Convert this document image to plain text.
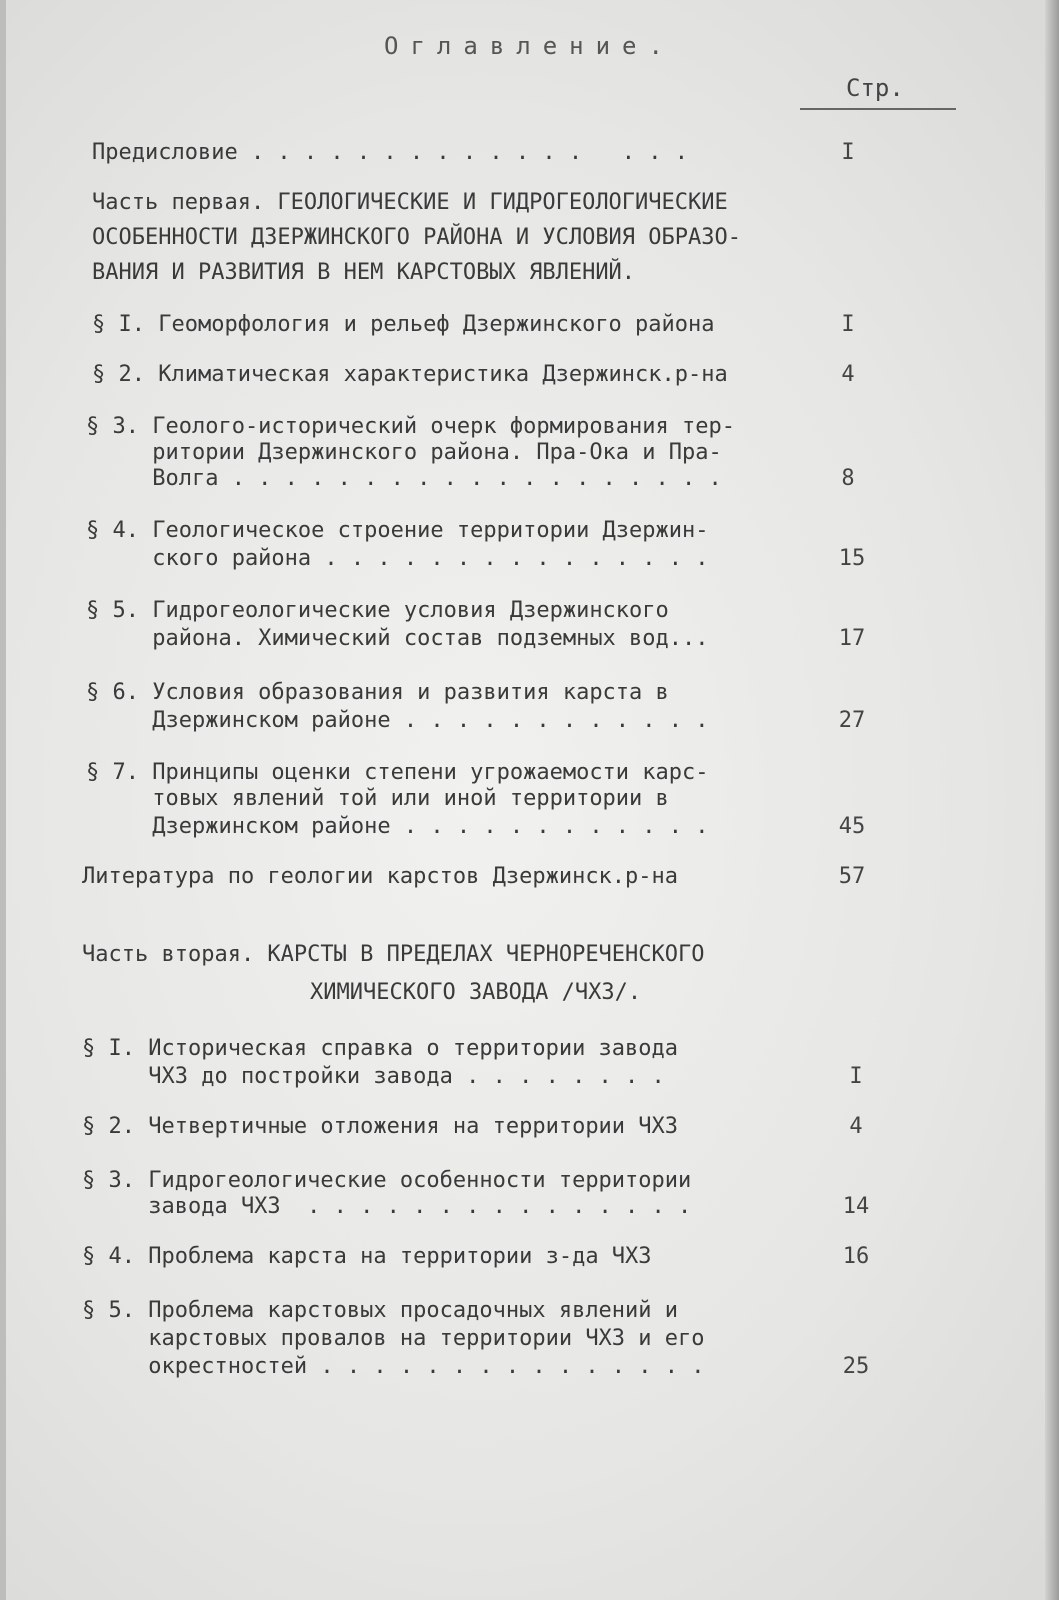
Оглавление.
Стр.
Предисловие . . . . . . . . . . . . .   . . .	I
Часть первая. ГЕОЛОГИЧЕСКИЕ И ГИДРОГЕОЛОГИЧЕСКИЕ
ОСОБЕННОСТИ ДЗЕРЖИНСКОГО РАЙОНА И УСЛОВИЯ ОБРАЗО-
ВАНИЯ И РАЗВИТИЯ В НЕМ КАРСТОВЫХ ЯВЛЕНИЙ.
§ I. Геоморфология и рельеф Дзержинского района	I
§ 2. Климатическая характеристика Дзержинск.р-на	4
§ 3. Геолого-исторический очерк формирования тер-
ритории Дзержинского района. Пра-Ока и Пра-
Волга . . . . . . . . . . . . . . . . . . .	8
§ 4. Геологическое строение территории Дзержин-
ского района . . . . . . . . . . . . . . .	15
§ 5. Гидрогеологические условия Дзержинского
района. Химический состав подземных вод...	17
§ 6. Условия образования и развития карста в
Дзержинском районе . . . . . . . . . . . .	27
§ 7. Принципы оценки степени угрожаемости карс-
товых явлений той или иной территории в
Дзержинском районе . . . . . . . . . . . .	45
Литература по геологии карстов Дзержинск.р-на	57
Часть вторая. КАРСТЫ В ПРЕДЕЛАХ ЧЕРНОРЕЧЕНСКОГО
ХИМИЧЕСКОГО ЗАВОДА /ЧХЗ/.
§ I. Историческая справка о территории завода
ЧХЗ до постройки завода . . . . . . . .	I
§ 2. Четвертичные отложения на территории ЧХЗ	4
§ 3. Гидрогеологические особенности территории
завода ЧХЗ  . . . . . . . . . . . . . . .	14
§ 4. Проблема карста на территории з-да ЧХЗ	16
§ 5. Проблема карстовых просадочных явлений и
карстовых провалов на территории ЧХЗ и его
окрестностей . . . . . . . . . . . . . . .	25
